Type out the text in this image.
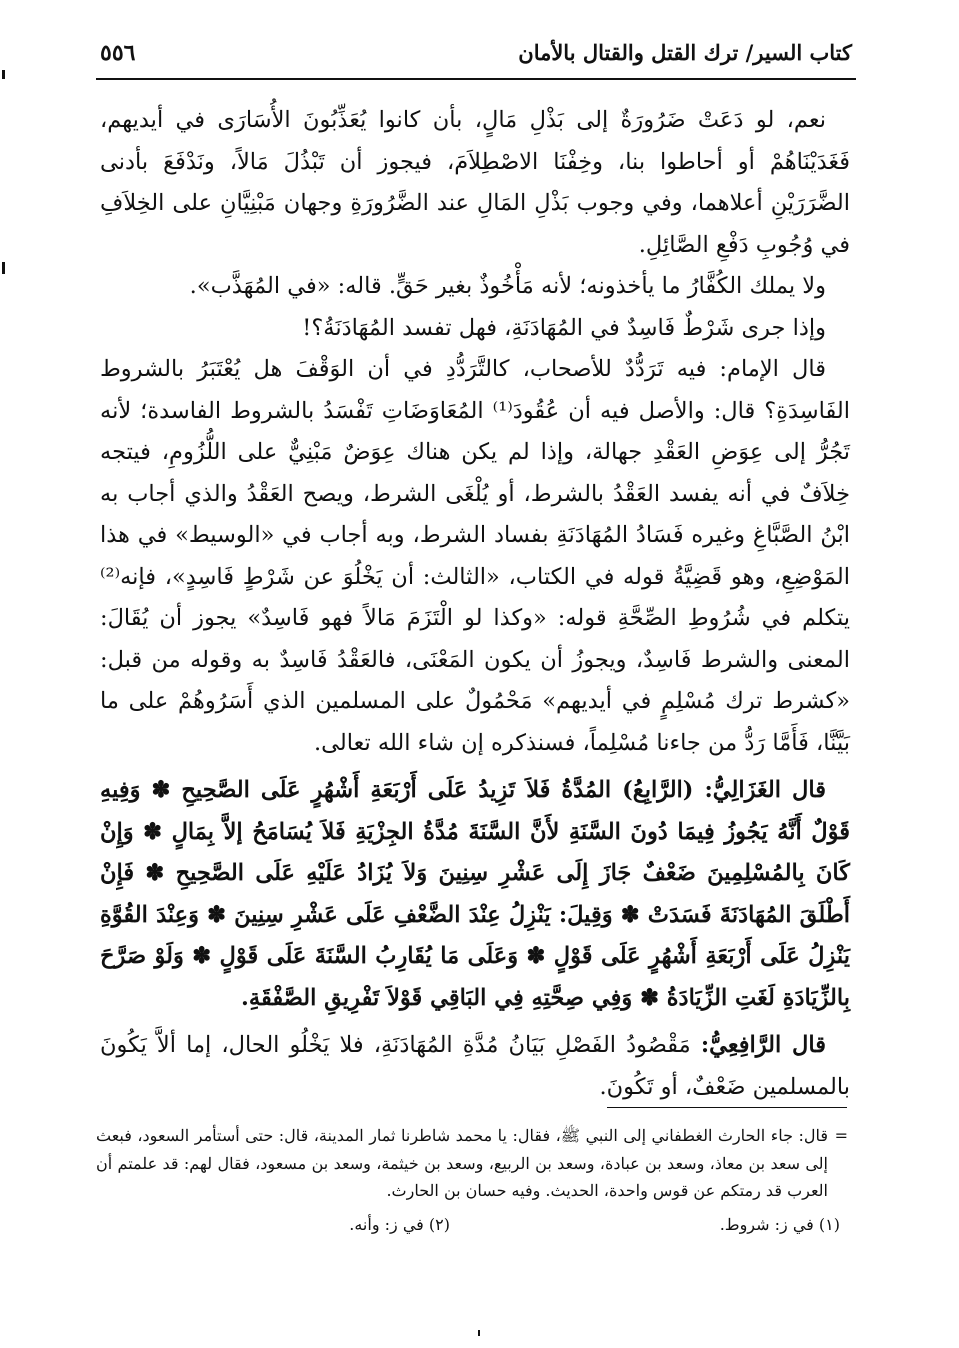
كتاب السير/ ترك القتل والقتال بالأمان
٥٥٦

نعم، لو دَعَتْ ضَرُورَةٌ إلى بَذْلِ مَالٍ، بأن كانوا يُعَذِّبُونَ الأُسَارَى في أيديهم، فَغَدَيْنَاهُمْ أو أحاطوا بنا، وخِفْنَا الاصْطِلاَمَ، فيجوز أن تَبْذُلَ مَالاً، ونَدْفَعَ بأدنى الضَّرَرَيْنِ أعلاهما، وفي وجوب بَذْلِ المَالِ عند الضَّرُورَةِ وجهان مَبْنِيَّانِ على الخِلاَفِ في وُجُوبِ دَفْعِ الصَّائِلِ.

ولا يملك الكُفَّارُ ما يأخذونه؛ لأنه مَأْخُوذٌ بغير حَقٍّ. قاله: «في المُهَذَّب».

وإذا جرى شَرْطٌ فَاسِدٌ في المُهَادَنَةِ، فهل تفسد المُهَادَنَةُ؟!

قال الإمام: فيه تَرَدُّدٌ للأصحاب، كالتَّرَدُّدِ في أن الوَقْفَ هل يُعْتَبَرُ بالشروط الفَاسِدَةِ؟ قال: والأصل فيه أن عُقُودَ⁽¹⁾ المُعَاوَضَاتِ تَفْسَدُ بالشروط الفاسدة؛ لأنه تَجُرُّ إلى عِوَضِ العَقْدِ جهالة، وإذا لم يكن هناك عِوَضٌ مَبْنِيٌّ على اللُّزُومِ، فيتجه خِلاَفٌ في أنه يفسد العَقْدُ بالشرط، أو يُلْغَى الشرط، ويصح العَقْدُ والذي أجاب به ابْنُ الصَّبَّاغِ وغيره فَسَادُ المُهَادَنَةِ بفساد الشرط، وبه أجاب في «الوسيط» في هذا المَوْضِعِ، وهو قَضِيَّةُ قوله في الكتاب، «الثالث: أن يَخْلُوَ عن شَرْطٍ فَاسِدٍ»، فإنه⁽²⁾ يتكلم في شُرُوطِ الصِّحَّةِ قوله: «وكذا لو الْتَزَمَ مَالاً فهو فَاسِدٌ» يجوز أن يُقَالَ: المعنى والشرط فَاسِدٌ، ويجوزُ أن يكون المَعْنَى، فالعَقْدُ فَاسِدٌ به وقوله من قبل: «كشرط ترك مُسْلِمٍ في أيديهم» مَحْمُولٌ على المسلمين الذي أَسَرُوهُمْ على ما بَيَّنَّا، فَأَمَّا رَدُّ من جاءنا مُسْلِماً، فسنذكره إن شاء الله تعالى.

قال الغَزَالِيُّ: (الرَّابِعُ) المُدَّةُ فَلاَ تَزِيدُ عَلَى أَرْبَعَةِ أَشْهُرٍ عَلَى الصَّحِيحِ ✽ وَفِيهِ قَوْلٌ أَنَّهُ يَجُوزُ فِيمَا دُونَ السَّنَةِ لأَنَّ السَّنَةَ مُدَّةُ الجِزْيَةِ فَلاَ يُسَامَحُ إلاَّ بِمَالٍ ✽ وَإِنْ كَانَ بِالمُسْلِمِينَ ضَعْفٌ جَازَ إِلَى عَشْرِ سِنِينَ وَلاَ يُزَادُ عَلَيْهِ عَلَى الصَّحِيحِ ✽ فَإِنْ أَطْلَقَ المُهَادَنَةَ فَسَدَتْ ✽ وَقِيلَ: يَنْزِلُ عِنْدَ الضَّعْفِ عَلَى عَشْرِ سِنِينَ ✽ وَعِنْدَ القُوَّةِ يَنْزِلُ عَلَى أَرْبَعَةِ أَشْهُرٍ عَلَى قَوْلٍ ✽ وَعَلَى مَا يُقَارِبُ السَّنَةَ عَلَى قَوْلٍ ✽ وَلَوْ صَرَّحَ بِالزِّيَادَةِ لَغَتِ الزِّيَادَةُ ✽ وَفِي صِحَّتِهِ فِي البَاقِي قَوْلاَ تَفْرِيقِ الصَّفْقَةِ.

قال الرَّافِعِيُّ: مَقْصُودُ الفَصْلِ بَيَانُ مُدَّةِ المُهَادَنَةِ، فلا يَخْلُو الحال، إما ألاَّ يَكُونَ بالمسلمين ضَعْفٌ، أو تَكُونَ.

=
قال: جاء الحارث الغطفاني إلى النبي ﷺ، فقال: يا محمد شاطرنا ثمار المدينة، قال: حتى أستأمر السعود، فبعث إلى سعد بن معاذ، وسعد بن عبادة، وسعد بن الربيع، وسعد بن خيثمة، وسعد بن مسعود، فقال لهم: قد علمتم أن العرب قد رمتكم عن قوس واحدة، الحديث. وفيه حسان بن الحارث.
(١) في ز: شروط.
(٢) في ز: وأنه.
